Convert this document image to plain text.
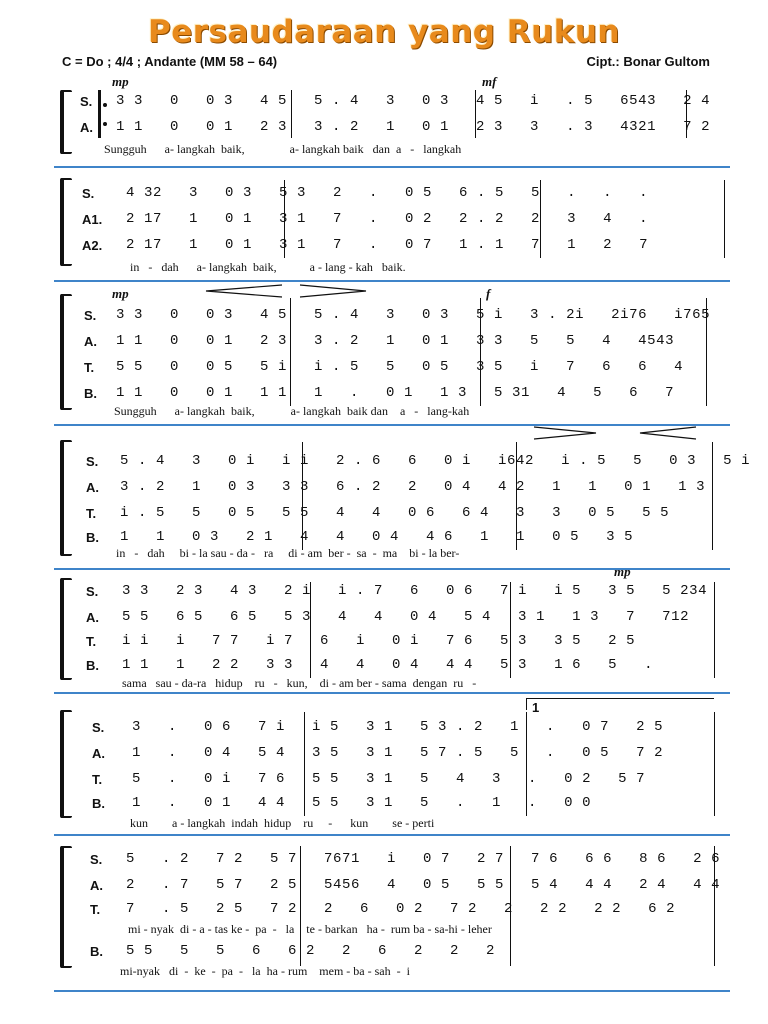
Persaudaraan yang Rukun
C = Do ; 4/4 ; Andante (MM 58 – 64)	Cipt.: Bonar Gultom
mp	mf
S. 3 3   0   0 3   4 5   5 . 4   3   0 3   4 5   i   . 5   6543   2 4
A. 1 1   0   0 1   2 3   3 . 2   1   0 1   2 3   3   . 3   4321   7 2
Sungguh      a- langkah  baik,               a- langkah baik   dan  a   -   langkah
S. 4 32   3   0 3   5 3   2   .   0 5   6 . 5   5   .   .   .
A1. 2 17   1   0 1   3 1   7   .   0 2   2 . 2   2   3   4   .
A2. 2 17   1   0 1   3 1   7   .   0 7   1 . 1   7   1   2   7
in   -   dah      a- langkah  baik,           a - lang - kah   baik.
mp	f
S. 3 3   0   0 3   4 5   5 . 4   3   0 3   5 i   3 . 2i   2i76   i765
A. 1 1   0   0 1   2 3   3 . 2   1   0 1   3 3   5   5   4   4543
T. 5 5   0   0 5   5 i   i . 5   5   0 5   3 5   i   7   6   6   4
B. 1 1   0   0 1   1 1   1   .   0 1   1 3   5 31   4   5   6   7
Sungguh      a- langkah  baik,            a- langkah  baik dan    a   -   lang-kah
S. 5 . 4   3   0 i   i i   2 . 6   6   0 i   i642   i . 5   5   0 3   5 i
A. 3 . 2   1   0 3   3 3   6 . 2   2   0 4   4 2   1   1   0 1   1 3
T. i . 5   5   0 5   5 5   4   4   0 6   6 4   3   3   0 5   5 5
B. 1   1   0 3   2 1   4   4   0 4   4 6   1   1   0 5   3 5
in   -   dah     bi - la sau - da -   ra     di - am  ber -  sa  -  ma    bi - la ber-
mp
S. 3 3   2 3   4 3   2 i   i . 7   6   0 6   7 i   i 5   3 5   5 234
A. 5 5   6 5   6 5   5 3   4   4   0 4   5 4   3 1   1 3   7   712
T. i i   i   7 7   i 7   6   i   0 i   7 6   5 3   3 5   2 5
B. 1 1   1   2 2   3 3   4   4   0 4   4 4   5 3   1 6   5   .
sama   sau - da-ra   hidup    ru   -   kun,    di - am ber - sama  dengan  ru   -
1
S. 3   .   0 6   7 i   i 5   3 1   5 3 . 2   1   .   0 7   2 5
A. 1   .   0 4   5 4   3 5   3 1   5 7 . 5   5   .   0 5   7 2
T. 5   .   0 i   7 6   5 5   3 1   5   4   3   .   0 2   5 7
B. 1   .   0 1   4 4   5 5   3 1   5   .   1   .   0 0
kun        a - langkah  indah  hidup    ru     -      kun        se - perti
S. 5   . 2   7 2   5 7   7671   i   0 7   2 7   7 6   6 6   8 6   2 6
A. 2   . 7   5 7   2 5   5456   4   0 5   5 5   5 4   4 4   2 4   4 4
T. 7   . 5   2 5   7 2   2   6   0 2   7 2   2   2 2   2 2   6 2
mi - nyak  di - a - tas ke -  pa  -   la    te - barkan   ha -  rum ba - sa-hi - leher
B. 5 5   5   5   6   6 2   2   6   2   2   2
mi-nyak   di  -  ke  -  pa  -   la  ha - rum    mem - ba - sah  -  i
